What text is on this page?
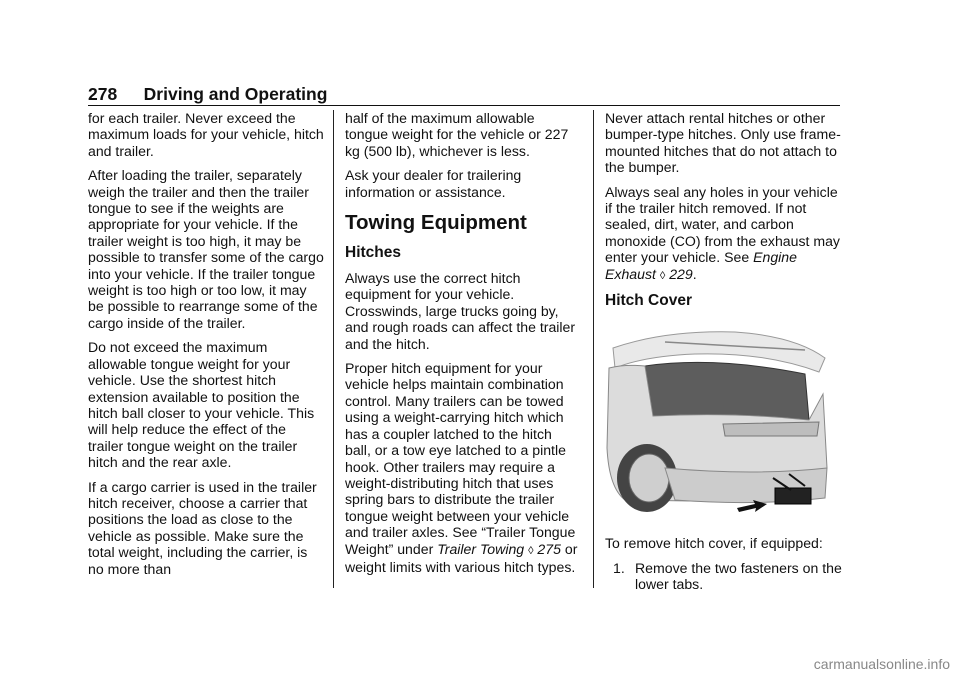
278 Driving and Operating

for each trailer. Never exceed the maximum loads for your vehicle, hitch and trailer.

After loading the trailer, separately weigh the trailer and then the trailer tongue to see if the weights are appropriate for your vehicle. If the trailer weight is too high, it may be possible to transfer some of the cargo into your vehicle. If the trailer tongue weight is too high or too low, it may be possible to rearrange some of the cargo inside of the trailer.

Do not exceed the maximum allowable tongue weight for your vehicle. Use the shortest hitch extension available to position the hitch ball closer to your vehicle. This will help reduce the effect of the trailer tongue weight on the trailer hitch and the rear axle.

If a cargo carrier is used in the trailer hitch receiver, choose a carrier that positions the load as close to the vehicle as possible. Make sure the total weight, including the carrier, is no more than

half of the maximum allowable tongue weight for the vehicle or 227 kg (500 lb), whichever is less.

Ask your dealer for trailering information or assistance.

Towing Equipment
Hitches

Always use the correct hitch equipment for your vehicle. Crosswinds, large trucks going by, and rough roads can affect the trailer and the hitch.

Proper hitch equipment for your vehicle helps maintain combination control. Many trailers can be towed using a weight-carrying hitch which has a coupler latched to the hitch ball, or a tow eye latched to a pintle hook. Other trailers may require a weight-distributing hitch that uses spring bars to distribute the trailer tongue weight between your vehicle and trailer axles. See “Trailer Tongue Weight” under Trailer Towing ◊ 275 or weight limits with various hitch types.

Never attach rental hitches or other bumper-type hitches. Only use frame-mounted hitches that do not attach to the bumper.

Always seal any holes in your vehicle if the trailer hitch removed. If not sealed, dirt, water, and carbon monoxide (CO) from the exhaust may enter your vehicle. See Engine Exhaust ◊ 229.

Hitch Cover

To remove hitch cover, if equipped:

1. Remove the two fasteners on the lower tabs.
carmanualsonline.info
